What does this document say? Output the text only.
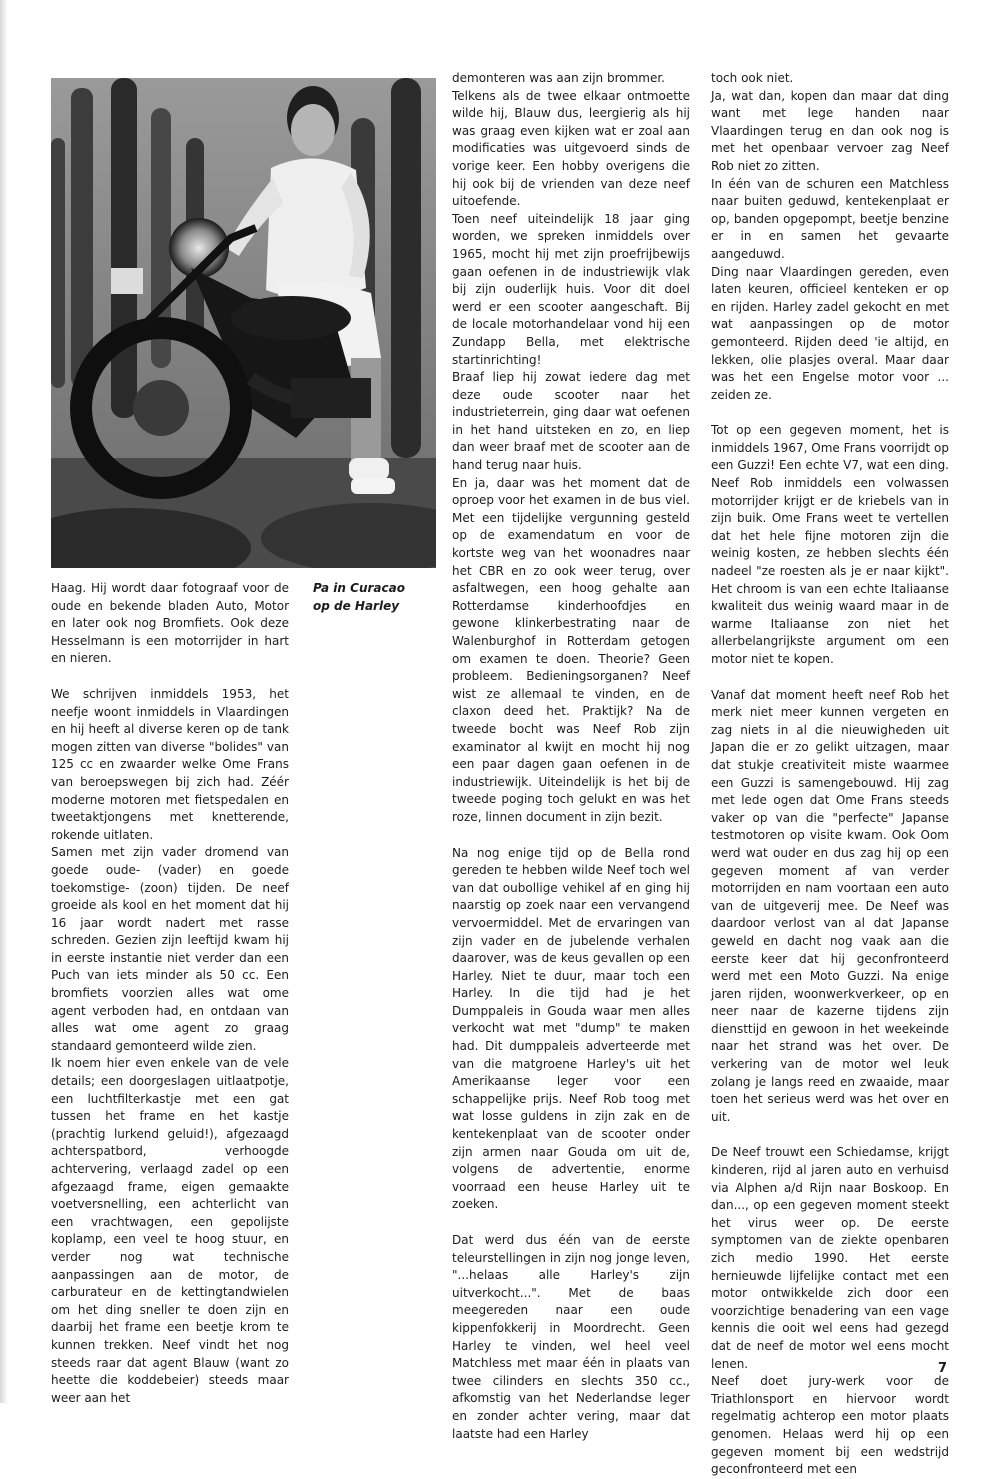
Haag. Hij wordt daar fotograaf voor de oude en bekende bladen Auto, Motor en later ook nog Bromfiets. Ook deze Hesselmann is een motorrijder in hart en nieren.

We schrijven inmiddels 1953, het neefje woont inmiddels in Vlaardingen en hij heeft al diverse keren op de tank mogen zitten van diverse "bolides" van 125 cc en zwaarder welke Ome Frans van beroepswegen bij zich had. Zéér moderne motoren met fietspedalen en tweetaktjongens met knetterende, rokende uitlaten.

Samen met zijn vader dromend van goede oude- (vader) en goede toekomstige- (zoon) tijden. De neef groeide als kool en het moment dat hij 16 jaar wordt nadert met rasse schreden. Gezien zijn leeftijd kwam hij in eerste instantie niet verder dan een Puch van iets minder als 50 cc. Een bromfiets voorzien alles wat ome agent verboden had, en ontdaan van alles wat ome agent zo graag standaard gemonteerd wilde zien.

Ik noem hier even enkele van de vele details; een doorgeslagen uitlaatpotje, een luchtfilterkastje met een gat tussen het frame en het kastje (prachtig lurkend geluid!), afgezaagd achterspatbord, verhoogde achtervering, verlaagd zadel op een afgezaagd frame, eigen gemaakte voetversnelling, een achterlicht van een vrachtwagen, een gepolijste koplamp, een veel te hoog stuur, en verder nog wat technische aanpassingen aan de motor, de carburateur en de kettingtandwielen om het ding sneller te doen zijn en daarbij het frame een beetje krom te kunnen trekken. Neef vindt het nog steeds raar dat agent Blauw (want zo heette die koddebeier) steeds maar weer aan het

Pa in Curacao
op de Harley

demonteren was aan zijn brommer.

Telkens als de twee elkaar ontmoette wilde hij, Blauw dus, leergierig als hij was graag even kijken wat er zoal aan modificaties was uitgevoerd sinds de vorige keer. Een hobby overigens die hij ook bij de vrienden van deze neef uitoefende.

Toen neef uiteindelijk 18 jaar ging worden, we spreken inmiddels over 1965, mocht hij met zijn proefrijbewijs gaan oefenen in de industriewijk vlak bij zijn ouderlijk huis. Voor dit doel werd er een scooter aangeschaft. Bij de locale motorhandelaar vond hij een Zundapp Bella, met elektrische startinrichting!

Braaf liep hij zowat iedere dag met deze oude scooter naar het industrieterrein, ging daar wat oefenen in het hand uitsteken en zo, en liep dan weer braaf met de scooter aan de hand terug naar huis.

En ja, daar was het moment dat de oproep voor het examen in de bus viel. Met een tijdelijke vergunning gesteld op de examendatum en voor de kortste weg van het woonadres naar het CBR en zo ook weer terug, over asfaltwegen, een hoog gehalte aan Rotterdamse kinderhoofdjes en gewone klinkerbestrating naar de Walenburghof in Rotterdam getogen om examen te doen. Theorie? Geen probleem. Bedieningsorganen? Neef wist ze allemaal te vinden, en de claxon deed het. Praktijk? Na de tweede bocht was Neef Rob zijn examinator al kwijt en mocht hij nog een paar dagen gaan oefenen in de industriewijk. Uiteindelijk is het bij de tweede poging toch gelukt en was het roze, linnen document in zijn bezit.

Na nog enige tijd op de Bella rond gereden te hebben wilde Neef toch wel van dat oubollige vehikel af en ging hij naarstig op zoek naar een vervangend vervoermiddel. Met de ervaringen van zijn vader en de jubelende verhalen daarover, was de keus gevallen op een Harley. Niet te duur, maar toch een Harley. In die tijd had je het Dumppaleis in Gouda waar men alles verkocht wat met "dump" te maken had. Dit dumppaleis adverteerde met van die matgroene Harley's uit het Amerikaanse leger voor een schappelijke prijs. Neef Rob toog met wat losse guldens in zijn zak en de kentekenplaat van de scooter onder zijn armen naar Gouda om uit de, volgens de advertentie, enorme voorraad een heuse Harley uit te zoeken.

Dat werd dus één van de eerste teleurstellingen in zijn nog jonge leven, "...helaas alle Harley's zijn uitverkocht...". Met de baas meegereden naar een oude kippenfokkerij in Moordrecht. Geen Harley te vinden, wel heel veel Matchless met maar één in plaats van twee cilinders en slechts 350 cc., afkomstig van het Nederlandse leger en zonder achter vering, maar dat laatste had een Harley

toch ook niet.

Ja, wat dan, kopen dan maar dat ding want met lege handen naar Vlaardingen terug en dan ook nog is met het openbaar vervoer zag Neef Rob niet zo zitten.

In één van de schuren een Matchless naar buiten geduwd, kentekenplaat er op, banden opgepompt, beetje benzine er in en samen het gevaarte aangeduwd.

Ding naar Vlaardingen gereden, even laten keuren, officieel kenteken er op en rijden. Harley zadel gekocht en met wat aanpassingen op de motor gemonteerd. Rijden deed 'ie altijd, en lekken, olie plasjes overal. Maar daar was het een Engelse motor voor ... zeiden ze.

Tot op een gegeven moment, het is inmiddels 1967, Ome Frans voorrijdt op een Guzzi! Een echte V7, wat een ding. Neef Rob inmiddels een volwassen motorrijder krijgt er de kriebels van in zijn buik. Ome Frans weet te vertellen dat het hele fijne motoren zijn die weinig kosten, ze hebben slechts één nadeel "ze roesten als je er naar kijkt". Het chroom is van een echte Italiaanse kwaliteit dus weinig waard maar in de warme Italiaanse zon niet het allerbelangrijkste argument om een motor niet te kopen.

Vanaf dat moment heeft neef Rob het merk niet meer kunnen vergeten en zag niets in al die nieuwigheden uit Japan die er zo gelikt uitzagen, maar dat stukje creativiteit miste waarmee een Guzzi is samengebouwd. Hij zag met lede ogen dat Ome Frans steeds vaker op van die "perfecte" Japanse testmotoren op visite kwam. Ook Oom werd wat ouder en dus zag hij op een gegeven moment af van verder motorrijden en nam voortaan een auto van de uitgeverij mee. De Neef was daardoor verlost van al dat Japanse geweld en dacht nog vaak aan die eerste keer dat hij geconfronteerd werd met een Moto Guzzi. Na enige jaren rijden, woonwerkverkeer, op en neer naar de kazerne tijdens zijn diensttijd en gewoon in het weekeinde naar het strand was het over. De verkering van de motor wel leuk zolang je langs reed en zwaaide, maar toen het serieus werd was het over en uit.

De Neef trouwt een Schiedamse, krijgt kinderen, rijd al jaren auto en verhuisd via Alphen a/d Rijn naar Boskoop. En dan..., op een gegeven moment steekt het virus weer op. De eerste symptomen van de ziekte openbaren zich medio 1990. Het eerste hernieuwde lijfelijke contact met een motor ontwikkelde zich door een voorzichtige benadering van een vage kennis die ooit wel eens had gezegd dat de neef de motor wel eens mocht lenen.

Neef doet jury-werk voor de Triathlonsport en hiervoor wordt regelmatig achterop een motor plaats genomen. Helaas werd hij op een gegeven moment bij een wedstrijd geconfronteerd met een

7
